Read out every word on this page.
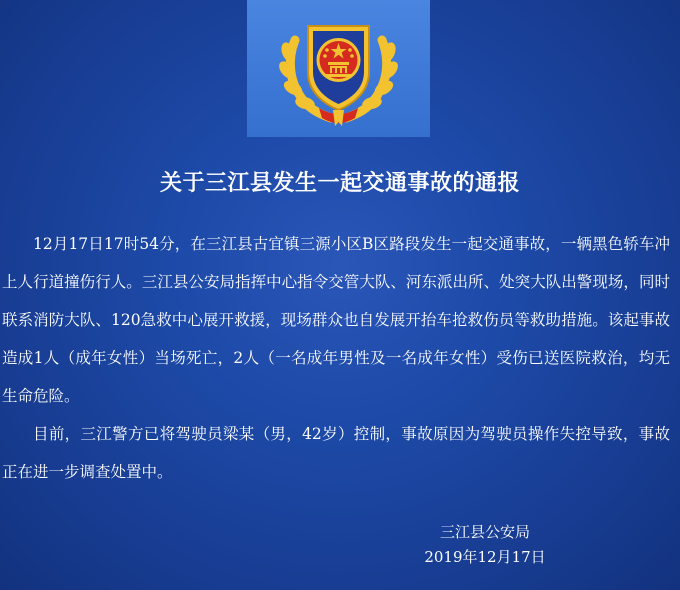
关于三江县发生一起交通事故的通报

12月17日17时54分，在三江县古宜镇三源小区B区路段发生一起交通事故，一辆黑色轿车冲上人行道撞伤行人。三江县公安局指挥中心指令交管大队、河东派出所、处突大队出警现场，同时联系消防大队、120急救中心展开救援，现场群众也自发展开抬车抢救伤员等救助措施。该起事故造成1人（成年女性）当场死亡，2人（一名成年男性及一名成年女性）受伤已送医院救治，均无生命危险。

目前，三江警方已将驾驶员梁某（男，42岁）控制，事故原因为驾驶员操作失控导致，事故正在进一步调查处置中。

三江县公安局
2019年12月17日
